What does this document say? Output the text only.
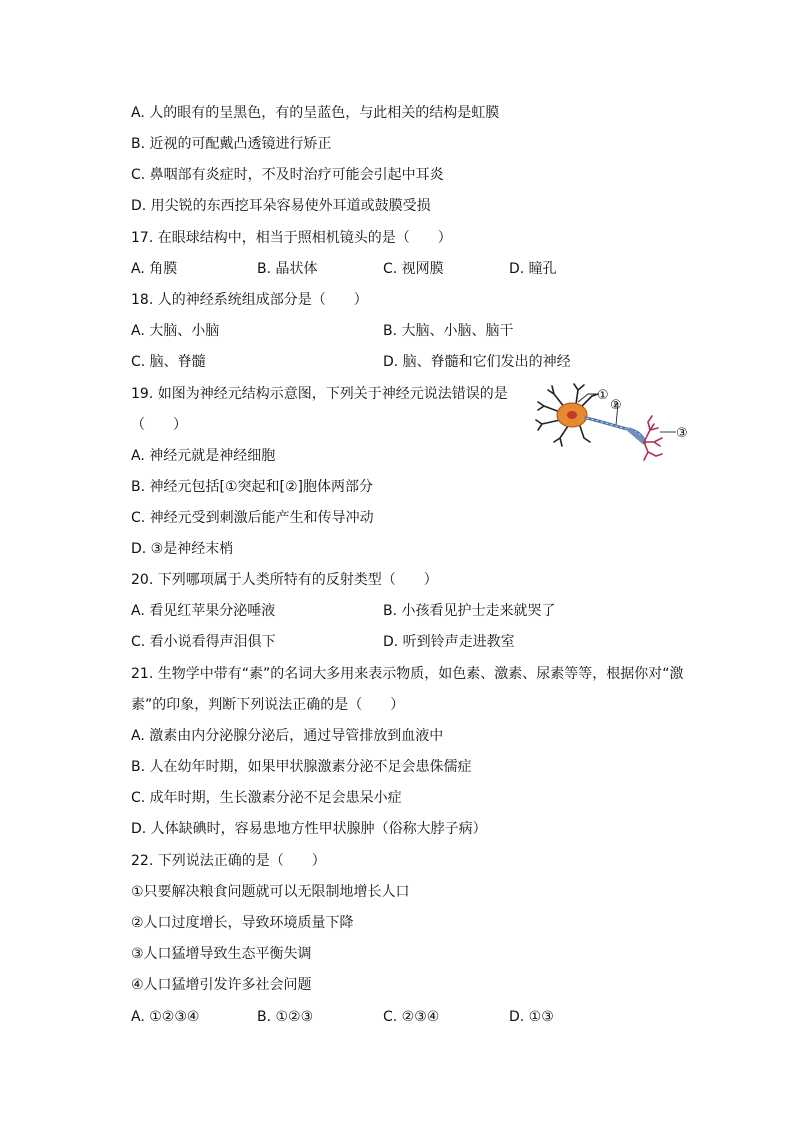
A. 人的眼有的呈黑色，有的呈蓝色，与此相关的结构是虹膜
B. 近视的可配戴凸透镜进行矫正
C. 鼻咽部有炎症时，不及时治疗可能会引起中耳炎
D. 用尖锐的东西挖耳朵容易使外耳道或鼓膜受损
17. 在眼球结构中，相当于照相机镜头的是（　　）
A. 角膜	B. 晶状体	C. 视网膜	D. 瞳孔
18. 人的神经系统组成部分是（　　）
A. 大脑、小脑	B. 大脑、小脑、脑干
C. 脑、脊髓	D. 脑、脊髓和它们发出的神经
19. 如图为神经元结构示意图，下列关于神经元说法错误的是
（　　）
A. 神经元就是神经细胞
B. 神经元包括[①突起和[②]胞体两部分
C. 神经元受到刺激后能产生和传导冲动
D. ③是神经末梢
①
②
③
20. 下列哪项属于人类所特有的反射类型（　　）
A. 看见红苹果分泌唾液	B. 小孩看见护士走来就哭了
C. 看小说看得声泪俱下	D. 听到铃声走进教室
21. 生物学中带有“素”的名词大多用来表示物质，如色素、激素、尿素等等，根据你对“激
素”的印象，判断下列说法正确的是（　　）
A. 激素由内分泌腺分泌后，通过导管排放到血液中
B. 人在幼年时期，如果甲状腺激素分泌不足会患侏儒症
C. 成年时期，生长激素分泌不足会患呆小症
D. 人体缺碘时，容易患地方性甲状腺肿（俗称大脖子病）
22. 下列说法正确的是（　　）
①只要解决粮食问题就可以无限制地增长人口
②人口过度增长，导致环境质量下降
③人口猛增导致生态平衡失调
④人口猛增引发许多社会问题
A. ①②③④	B. ①②③	C. ②③④	D. ①③
